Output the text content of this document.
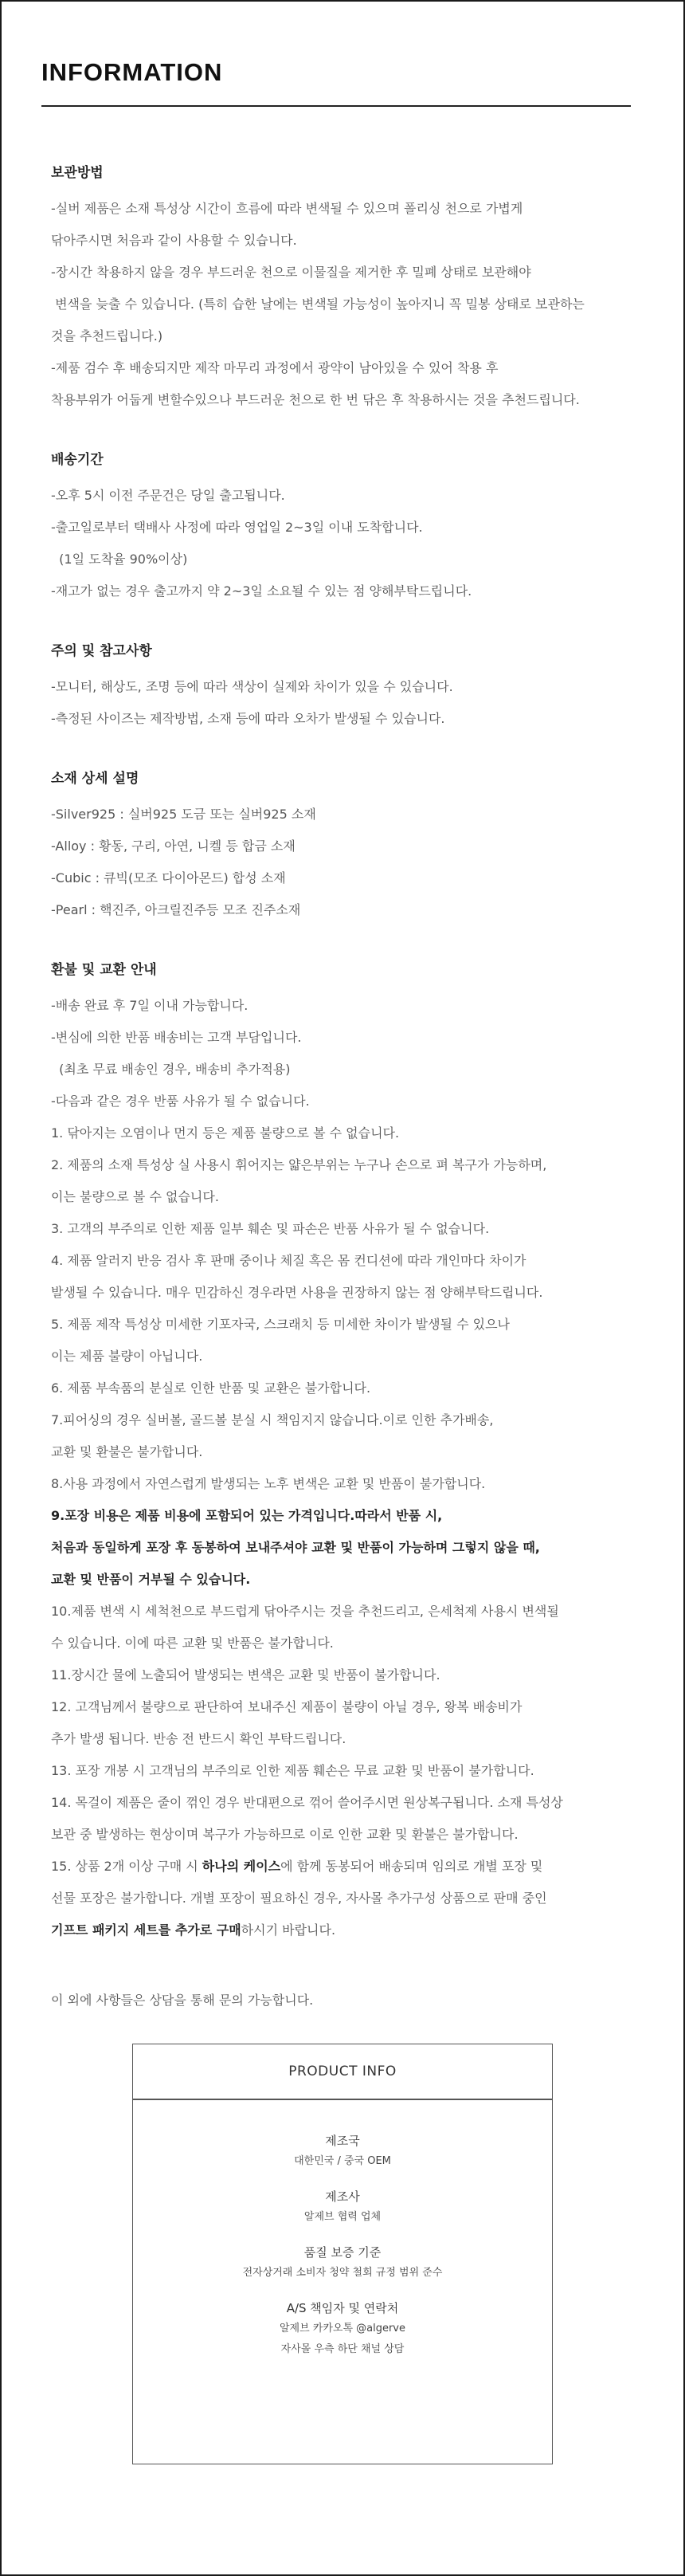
INFORMATION
보관방법
-실버 제품은 소재 특성상 시간이 흐름에 따라 변색될 수 있으며 폴리싱 천으로 가볍게
닦아주시면 처음과 같이 사용할 수 있습니다.
-장시간 착용하지 않을 경우 부드러운 천으로 이물질을 제거한 후 밀폐 상태로 보관해야
변색을 늦출 수 있습니다. (특히 습한 날에는 변색될 가능성이 높아지니 꼭 밀봉 상태로 보관하는
것을 추천드립니다.)
-제품 검수 후 배송되지만 제작 마무리 과정에서 광약이 남아있을 수 있어 착용 후
착용부위가 어둡게 변할수있으나 부드러운 천으로 한 번 닦은 후 착용하시는 것을 추천드립니다.
배송기간
-오후 5시 이전 주문건은 당일 출고됩니다.
-출고일로부터 택배사 사정에 따라 영업일 2~3일 이내 도착합니다.
(1일 도착율 90%이상)
-재고가 없는 경우 출고까지 약 2~3일 소요될 수 있는 점 양해부탁드립니다.
주의 및 참고사항
-모니터, 해상도, 조명 등에 따라 색상이 실제와 차이가 있을 수 있습니다.
-측정된 사이즈는 제작방법, 소재 등에 따라 오차가 발생될 수 있습니다.
소재 상세 설명
-Silver925 : 실버925 도금 또는 실버925 소재
-Alloy : 황동, 구리, 아연, 니켈 등 합금 소재
-Cubic : 큐빅(모조 다이아몬드) 합성 소재
-Pearl : 핵진주, 아크릴진주등 모조 진주소재
환불 및 교환 안내
-배송 완료 후 7일 이내 가능합니다.
-변심에 의한 반품 배송비는 고객 부담입니다.
(최초 무료 배송인 경우, 배송비 추가적용)
-다음과 같은 경우 반품 사유가 될 수 없습니다.
1. 닦아지는 오염이나 먼지 등은 제품 불량으로 볼 수 없습니다.
2. 제품의 소재 특성상 실 사용시 휘어지는 얇은부위는 누구나 손으로 펴 복구가 가능하며,
이는 불량으로 볼 수 없습니다.
3. 고객의 부주의로 인한 제품 일부 훼손 및 파손은 반품 사유가 될 수 없습니다.
4. 제품 알러지 반응 검사 후 판매 중이나 체질 혹은 몸 컨디션에 따라 개인마다 차이가
발생될 수 있습니다. 매우 민감하신 경우라면 사용을 권장하지 않는 점 양해부탁드립니다.
5. 제품 제작 특성상 미세한 기포자국, 스크래치 등 미세한 차이가 발생될 수 있으나
이는 제품 불량이 아닙니다.
6. 제품 부속품의 분실로 인한 반품 및 교환은 불가합니다.
7.피어싱의 경우 실버볼, 골드볼 분실 시 책임지지 않습니다.이로 인한 추가배송,
교환 및 환불은 불가합니다.
8.사용 과정에서 자연스럽게 발생되는 노후 변색은 교환 및 반품이 불가합니다.
9.포장 비용은 제품 비용에 포함되어 있는 가격입니다.따라서 반품 시,
처음과 동일하게 포장 후 동봉하여 보내주셔야 교환 및 반품이 가능하며 그렇지 않을 때,
교환 및 반품이 거부될 수 있습니다.
10.제품 변색 시 세척천으로 부드럽게 닦아주시는 것을 추천드리고, 은세척제 사용시 변색될
수 있습니다. 이에 따른 교환 및 반품은 불가합니다.
11.장시간 물에 노출되어 발생되는 변색은 교환 및 반품이 불가합니다.
12. 고객님께서 불량으로 판단하여 보내주신 제품이 불량이 아닐 경우, 왕복 배송비가
추가 발생 됩니다. 반송 전 반드시 확인 부탁드립니다.
13. 포장 개봉 시 고객님의 부주의로 인한 제품 훼손은 무료 교환 및 반품이 불가합니다.
14. 목걸이 제품은 줄이 꺾인 경우 반대편으로 꺾어 쓸어주시면 원상복구됩니다. 소재 특성상
보관 중 발생하는 현상이며 복구가 가능하므로 이로 인한 교환 및 환불은 불가합니다.
15. 상품 2개 이상 구매 시 하나의 케이스에 함께 동봉되어 배송되며 임의로 개별 포장 및
선물 포장은 불가합니다. 개별 포장이 필요하신 경우, 자사몰 추가구성 상품으로 판매 중인
기프트 패키지 세트를 추가로 구매하시기 바랍니다.
이 외에 사항들은 상담을 통해 문의 가능합니다.
PRODUCT INFO
제조국
대한민국 / 중국 OEM
제조사
알제브 협력 업체
품질 보증 기준
전자상거래 소비자 청약 철회 규정 범위 준수
A/S 책임자 및 연락처
알제브 카카오톡 @algerve
자사몰 우측 하단 채널 상담
